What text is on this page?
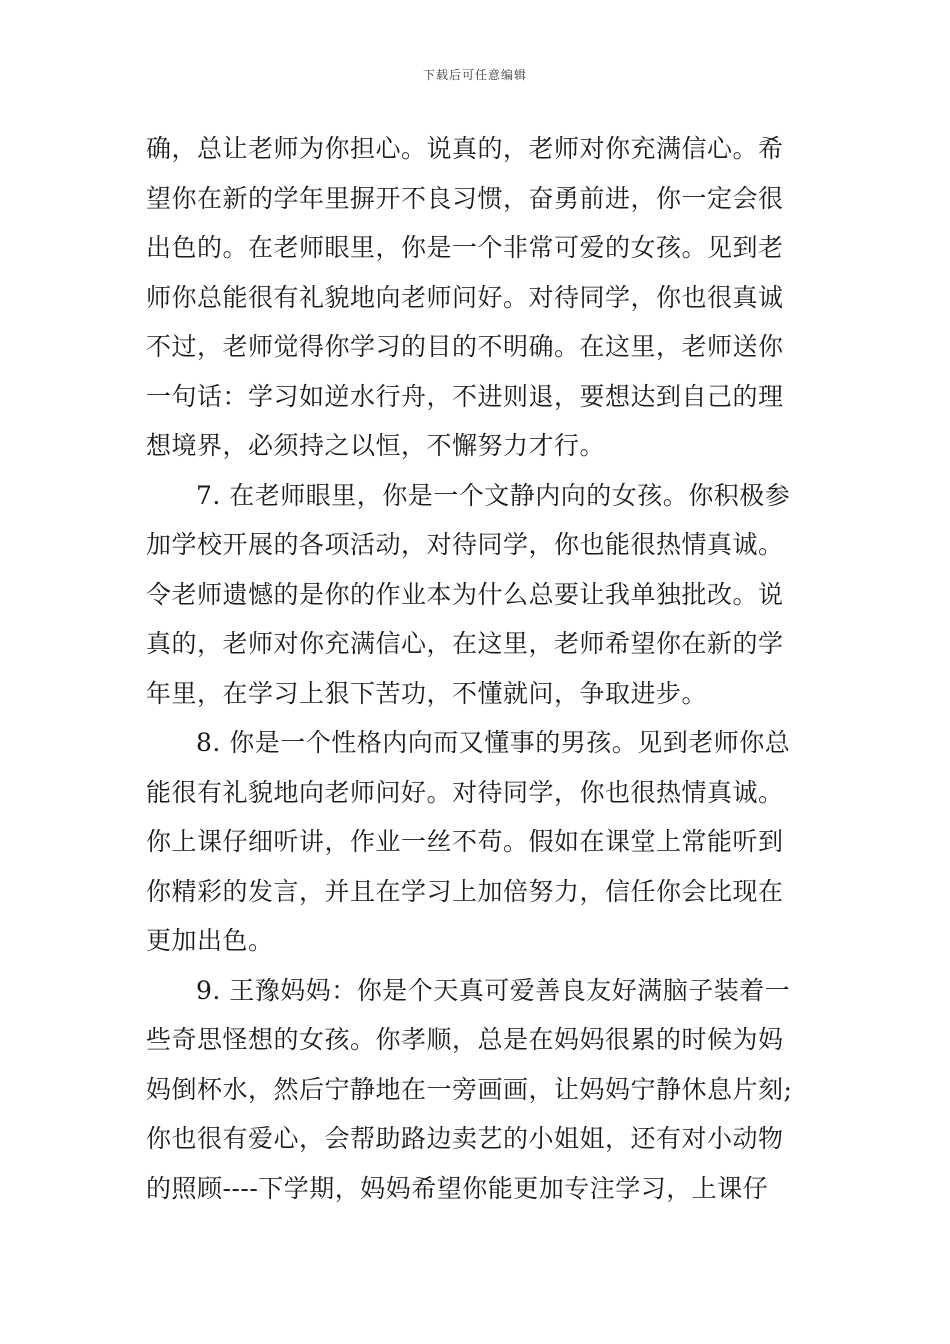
下载后可任意编辑
确，总让老师为你担心。说真的，老师对你充满信心。希
望你在新的学年里摒开不良习惯，奋勇前进，你一定会很
出色的。在老师眼里，你是一个非常可爱的女孩。见到老
师你总能很有礼貌地向老师问好。对待同学，你也很真诚
不过，老师觉得你学习的目的不明确。在这里，老师送你
一句话：学习如逆水行舟，不进则退，要想达到自己的理
想境界，必须持之以恒，不懈努力才行。
7. 在老师眼里，你是一个文静内向的女孩。你积极参
加学校开展的各项活动，对待同学，你也能很热情真诚。
令老师遗憾的是你的作业本为什么总要让我单独批改。说
真的，老师对你充满信心，在这里，老师希望你在新的学
年里，在学习上狠下苦功，不懂就问，争取进步。
8. 你是一个性格内向而又懂事的男孩。见到老师你总
能很有礼貌地向老师问好。对待同学，你也很热情真诚。
你上课仔细听讲，作业一丝不苟。假如在课堂上常能听到
你精彩的发言，并且在学习上加倍努力，信任你会比现在
更加出色。
9. 王豫妈妈：你是个天真可爱善良友好满脑子装着一
些奇思怪想的女孩。你孝顺，总是在妈妈很累的时候为妈
妈倒杯水，然后宁静地在一旁画画，让妈妈宁静休息片刻;
你也很有爱心，会帮助路边卖艺的小姐姐，还有对小动物
的照顾----下学期，妈妈希望你能更加专注学习，上课仔
